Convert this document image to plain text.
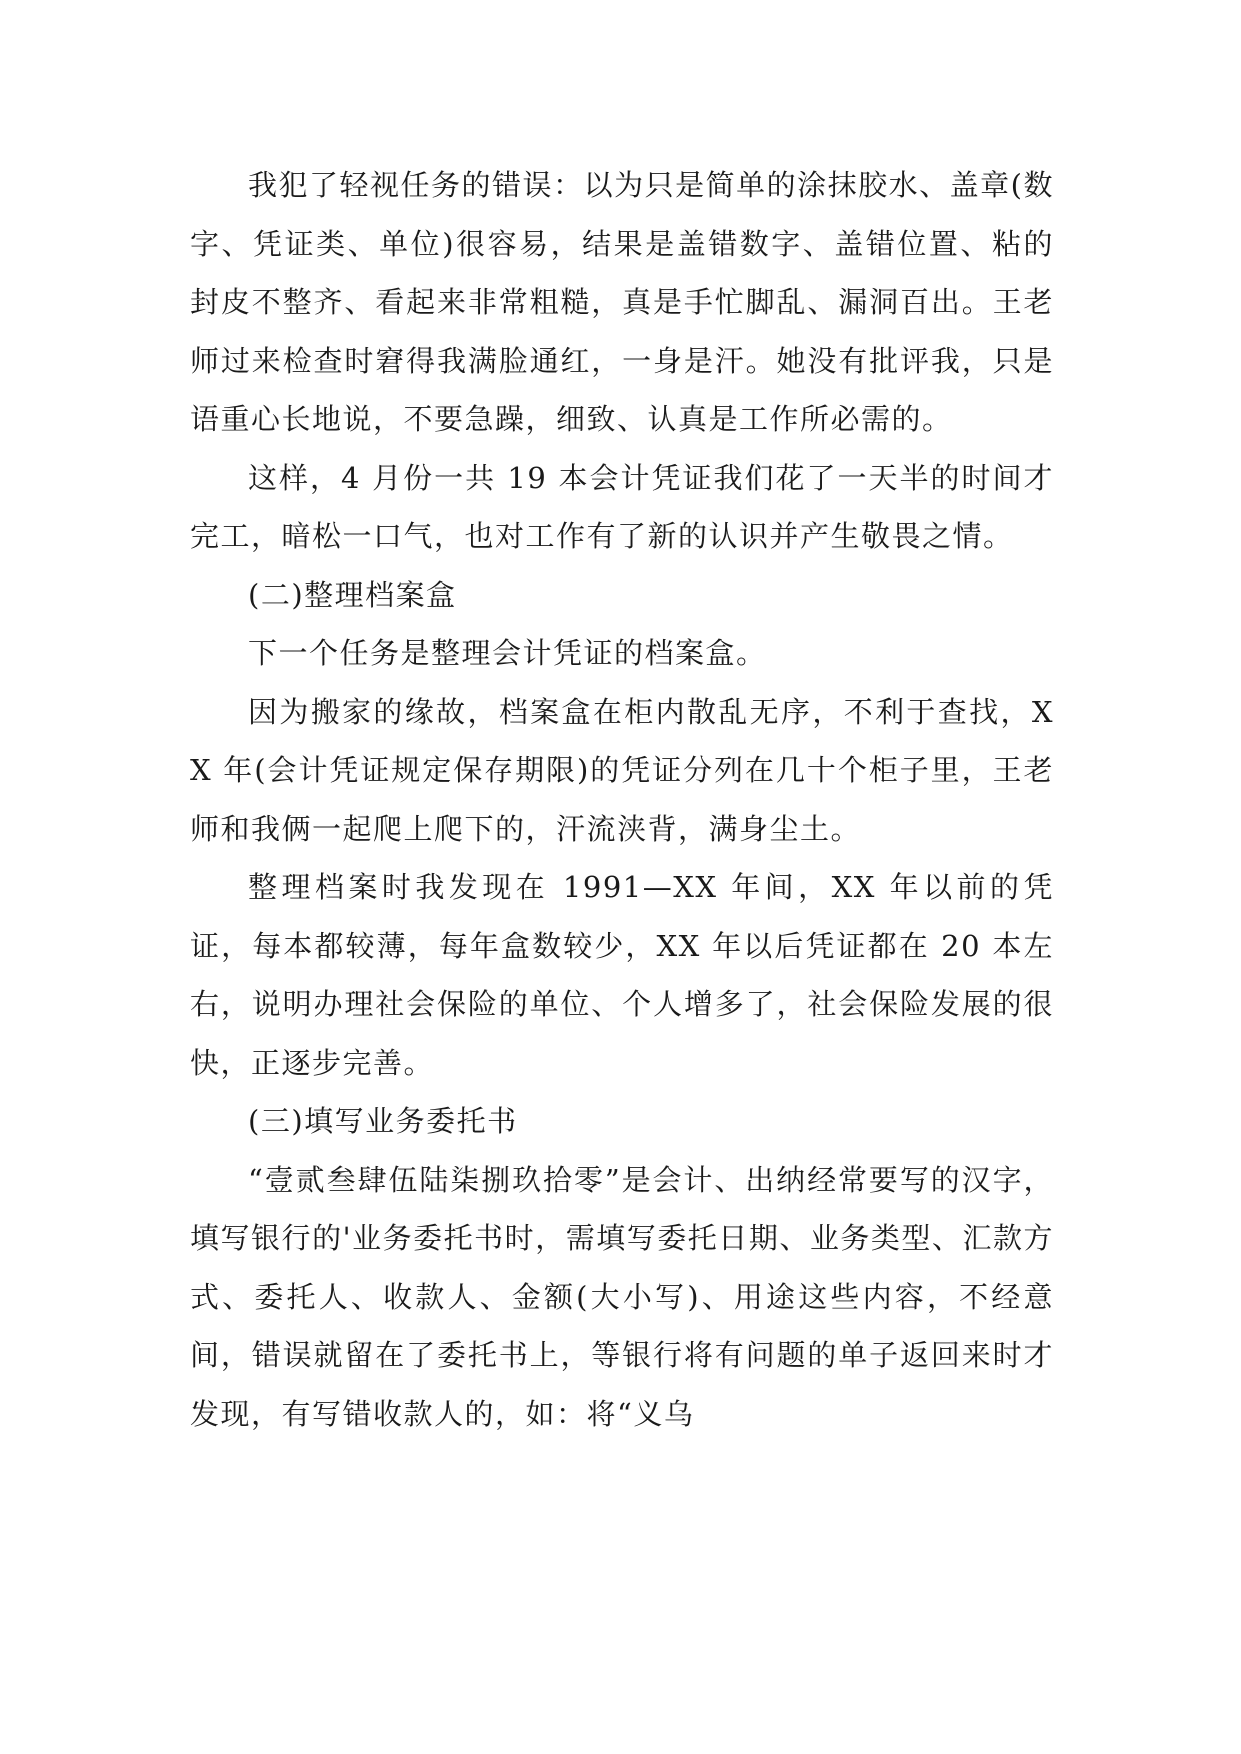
我犯了轻视任务的错误：以为只是简单的涂抹胶水、盖章(数字、凭证类、单位)很容易，结果是盖错数字、盖错位置、粘的封皮不整齐、看起来非常粗糙，真是手忙脚乱、漏洞百出。王老师过来检查时窘得我满脸通红，一身是汗。她没有批评我，只是语重心长地说，不要急躁，细致、认真是工作所必需的。

这样，4 月份一共 19 本会计凭证我们花了一天半的时间才完工，暗松一口气，也对工作有了新的认识并产生敬畏之情。

(二)整理档案盒

下一个任务是整理会计凭证的档案盒。

因为搬家的缘故，档案盒在柜内散乱无序，不利于查找，XX 年(会计凭证规定保存期限)的凭证分列在几十个柜子里，王老师和我俩一起爬上爬下的，汗流浃背，满身尘土。

整理档案时我发现在 1991—XX 年间，XX 年以前的凭证，每本都较薄，每年盒数较少，XX 年以后凭证都在 20 本左右，说明办理社会保险的单位、个人增多了，社会保险发展的很快，正逐步完善。

(三)填写业务委托书

“壹贰叁肆伍陆柒捌玖拾零”是会计、出纳经常要写的汉字，填写银行的'业务委托书时，需填写委托日期、业务类型、汇款方式、委托人、收款人、金额(大小写)、用途这些内容，不经意间，错误就留在了委托书上，等银行将有问题的单子返回来时才发现，有写错收款人的，如：将“义乌
